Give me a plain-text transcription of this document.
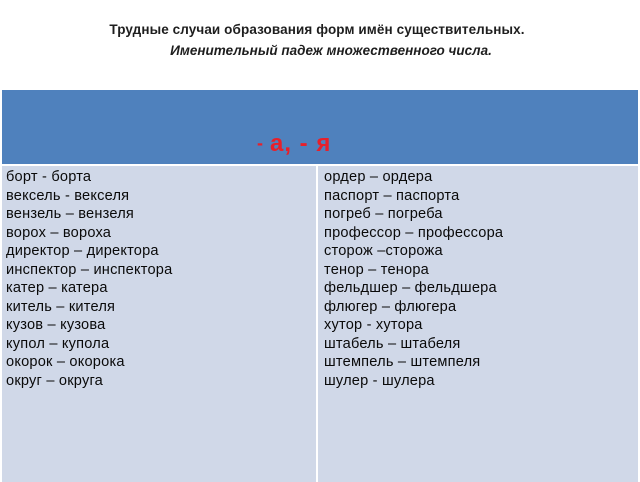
Трудные случаи образования форм имён существительных.
Именительный падеж множественного числа.
- а, - я
борт - борта
вексель - векселя
вензель – вензеля
ворох – вороха
директор – директора
инспектор – инспектора
катер – катера
китель – кителя
кузов – кузова
купол – купола
окорок – окорока
округ – округа
ордер – ордера
паспорт – паспорта
погреб – погреба
профессор – профессора
сторож –сторожа
тенор – тенора
фельдшер – фельдшера
флюгер – флюгера
хутор - хутора
штабель – штабеля
штемпель – штемпеля
шулер - шулера
